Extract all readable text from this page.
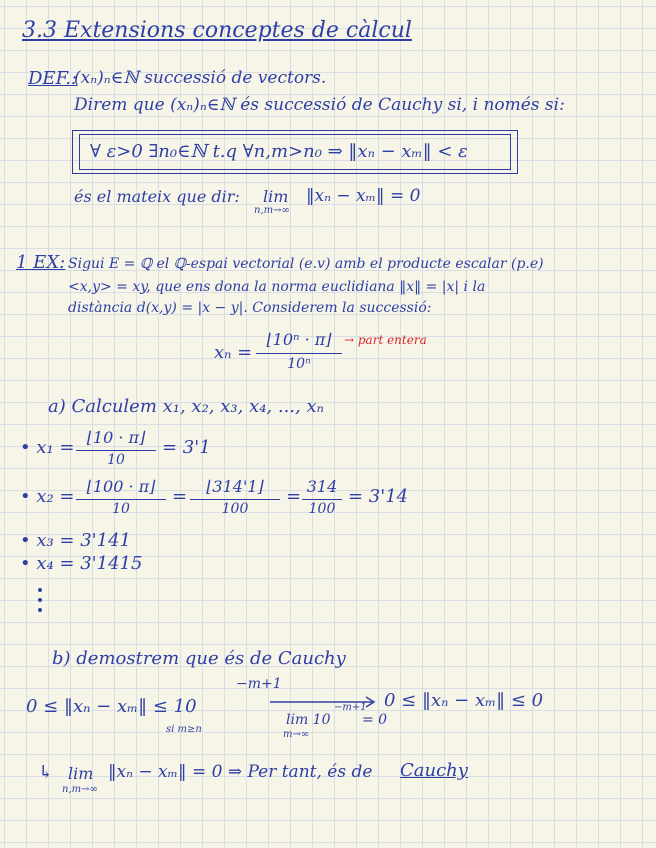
3.3 Extensions conceptes de càlcul
DEF.:
(xₙ)ₙ∈ℕ successió de vectors.
Direm que (xₙ)ₙ∈ℕ és successió de Cauchy si, i només si:
∀ ε>0 ∃n₀∈ℕ t.q ∀n,m>n₀ ⇒ ‖xₙ − xₘ‖ < ε
és el mateix que dir: lim
n,m→∞
‖xₙ − xₘ‖ = 0
1 EX: Sigui E = ℚ el ℚ-espai vectorial (e.v) amb el producte escalar (p.e)
<x,y> = xy, que ens dona la norma euclidiana ‖x‖ = |x| i la
distància d(x,y) = |x − y|. Considerem la successió:
xₙ =
⌊10ⁿ · π⌋
10ⁿ
→ part entera
a) Calculem x₁, x₂, x₃, x₄, ..., xₙ
• x₁ = ⌊10 · π⌋
10
= 3'1
• x₂ = ⌊100 · π⌋
10
=	⌊314'1⌋
100
= 314
100
= 3'14
• x₃ = 3'141
• x₄ = 3'1415
b) demostrem que és de Cauchy
0 ≤ ‖xₙ − xₘ‖ ≤ 10
−m+1
si m≥n
lim 10
−m+1
= 0
m→∞
0 ≤ ‖xₙ − xₘ‖ ≤ 0
↳ lim
n,m→∞
‖xₙ − xₘ‖ = 0 ⇒ Per tant, és de Cauchy
